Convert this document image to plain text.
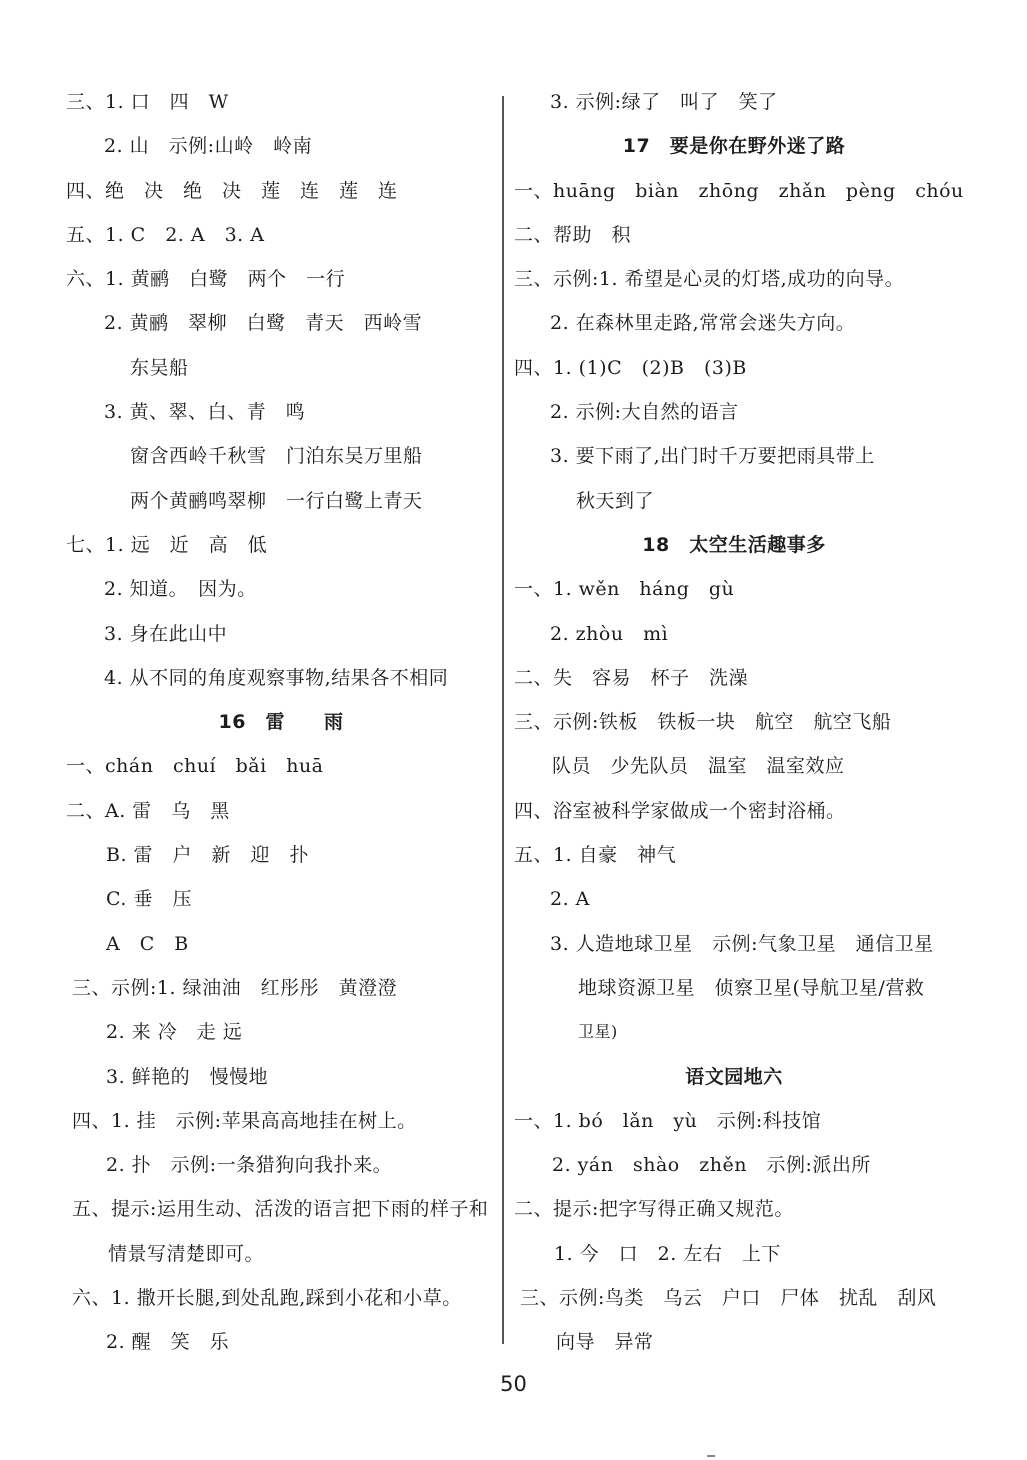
三、1. 口　四　W
2. 山　示例:山岭　岭南
四、绝　决　绝　决　莲　连　莲　连
五、1. C　2. A　3. A
六、1. 黄鹂　白鹭　两个　一行
2. 黄鹂　翠柳　白鹭　青天　西岭雪
东吴船
3. 黄、翠、白、青　鸣
窗含西岭千秋雪　门泊东吴万里船
两个黄鹂鸣翠柳　一行白鹭上青天
七、1. 远　近　高　低
2. 知道。　因为。
3. 身在此山中
4. 从不同的角度观察事物,结果各不相同
16　雷　　雨
一、chán　chuí　bǎi　huā
二、A. 雷　乌　黑
B. 雷　户　新　迎　扑
C. 垂　压
A　C　B
三、示例:1. 绿油油　红彤彤　黄澄澄
2. 来 冷　走 远
3. 鲜艳的　慢慢地
四、1. 挂　示例:苹果高高地挂在树上。
2. 扑　示例:一条猎狗向我扑来。
五、提示:运用生动、活泼的语言把下雨的样子和
情景写清楚即可。
六、1. 撒开长腿,到处乱跑,踩到小花和小草。
2. 醒　笑　乐
3. 示例:绿了　叫了　笑了
17　要是你在野外迷了路
一、huāng　biàn　zhōng　zhǎn　pèng　chóu
二、帮助　积
三、示例:1. 希望是心灵的灯塔,成功的向导。
2. 在森林里走路,常常会迷失方向。
四、1. (1)C　(2)B　(3)B
2. 示例:大自然的语言
3. 要下雨了,出门时千万要把雨具带上
秋天到了
18　太空生活趣事多
一、1. wěn　háng　gù
2. zhòu　mì
二、失　容易　杯子　洗澡
三、示例:铁板　铁板一块　航空　航空飞船
队员　少先队员　温室　温室效应
四、浴室被科学家做成一个密封浴桶。
五、1. 自豪　神气
2. A
3. 人造地球卫星　示例:气象卫星　通信卫星
地球资源卫星　侦察卫星(导航卫星/营救
卫星)
语文园地六
一、1. bó　lǎn　yù　示例:科技馆
2. yán　shào　zhěn　示例:派出所
二、提示:把字写得正确又规范。
1. 今　口　2. 左右　上下
三、示例:鸟类　乌云　户口　尸体　扰乱　刮风
向导　异常
50
